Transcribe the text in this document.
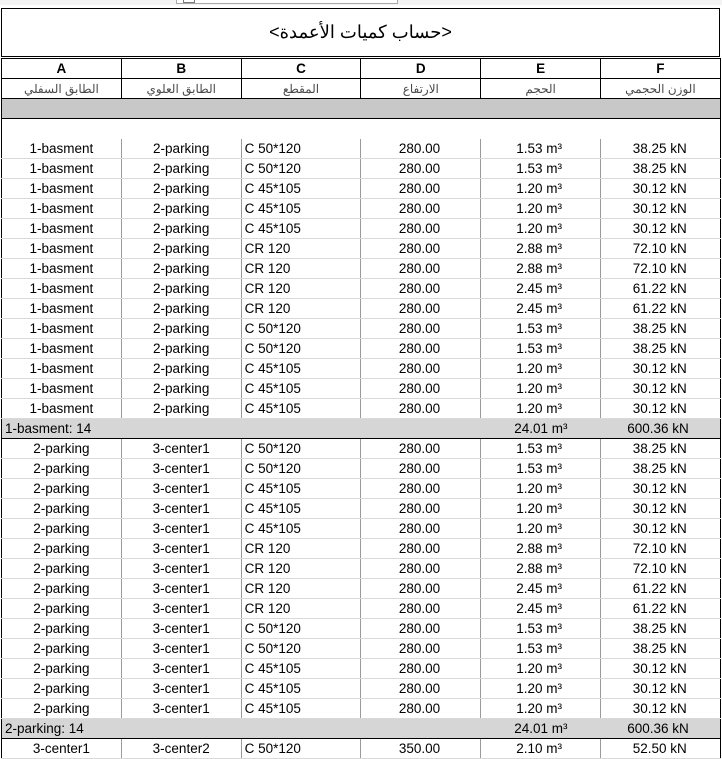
<حساب كميات الأعمدة>
A	B	C	D	E	F
الطابق السفلي	الطابق العلوي	المقطع	الارتفاع	الحجم	الوزن الحجمي

1-basment	2-parking	C 50*120	280.00	1.53 m³	38.25 kN
1-basment	2-parking	C 50*120	280.00	1.53 m³	38.25 kN
1-basment	2-parking	C 45*105	280.00	1.20 m³	30.12 kN
1-basment	2-parking	C 45*105	280.00	1.20 m³	30.12 kN
1-basment	2-parking	C 45*105	280.00	1.20 m³	30.12 kN
1-basment	2-parking	CR 120	280.00	2.88 m³	72.10 kN
1-basment	2-parking	CR 120	280.00	2.88 m³	72.10 kN
1-basment	2-parking	CR 120	280.00	2.45 m³	61.22 kN
1-basment	2-parking	CR 120	280.00	2.45 m³	61.22 kN
1-basment	2-parking	C 50*120	280.00	1.53 m³	38.25 kN
1-basment	2-parking	C 50*120	280.00	1.53 m³	38.25 kN
1-basment	2-parking	C 45*105	280.00	1.20 m³	30.12 kN
1-basment	2-parking	C 45*105	280.00	1.20 m³	30.12 kN
1-basment	2-parking	C 45*105	280.00	1.20 m³	30.12 kN
1-basment: 14				24.01 m³	600.36 kN
2-parking	3-center1	C 50*120	280.00	1.53 m³	38.25 kN
2-parking	3-center1	C 50*120	280.00	1.53 m³	38.25 kN
2-parking	3-center1	C 45*105	280.00	1.20 m³	30.12 kN
2-parking	3-center1	C 45*105	280.00	1.20 m³	30.12 kN
2-parking	3-center1	C 45*105	280.00	1.20 m³	30.12 kN
2-parking	3-center1	CR 120	280.00	2.88 m³	72.10 kN
2-parking	3-center1	CR 120	280.00	2.88 m³	72.10 kN
2-parking	3-center1	CR 120	280.00	2.45 m³	61.22 kN
2-parking	3-center1	CR 120	280.00	2.45 m³	61.22 kN
2-parking	3-center1	C 50*120	280.00	1.53 m³	38.25 kN
2-parking	3-center1	C 50*120	280.00	1.53 m³	38.25 kN
2-parking	3-center1	C 45*105	280.00	1.20 m³	30.12 kN
2-parking	3-center1	C 45*105	280.00	1.20 m³	30.12 kN
2-parking	3-center1	C 45*105	280.00	1.20 m³	30.12 kN
2-parking: 14				24.01 m³	600.36 kN
3-center1	3-center2	C 50*120	350.00	2.10 m³	52.50 kN
